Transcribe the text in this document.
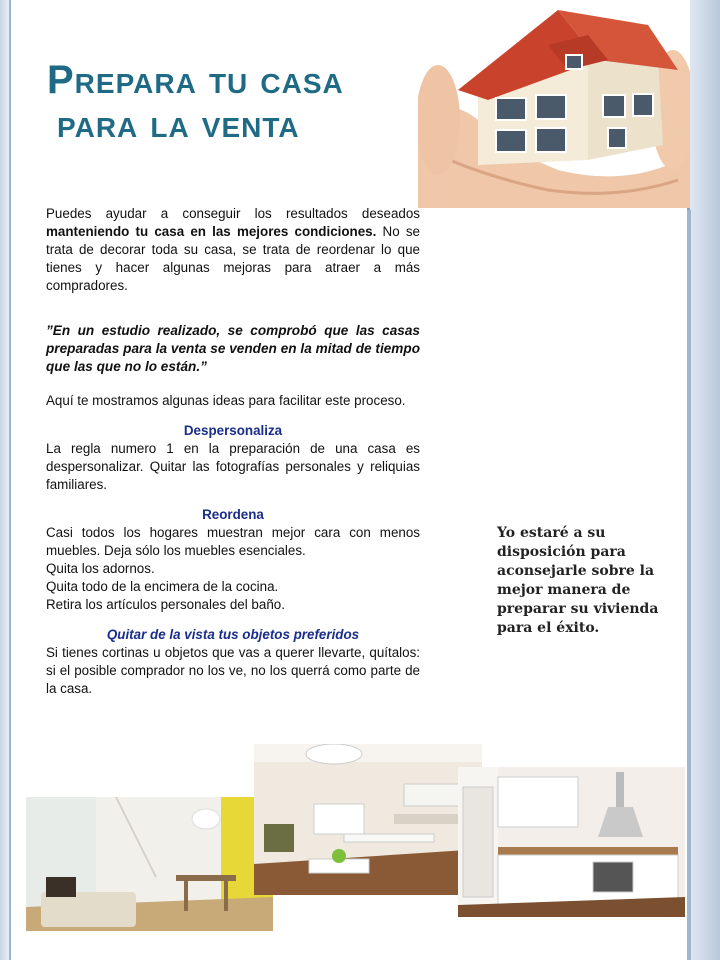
Prepara tu casa
para la venta

Puedes ayudar a conseguir los resultados deseados manteniendo tu casa en las mejores condiciones. No se trata de decorar toda su casa, se trata de reordenar lo que tienes y hacer algunas mejoras para atraer a más compradores.

”En un estudio realizado, se comprobó que las casas preparadas para la venta se venden en la mitad de tiempo que las que no lo están.”

Aquí te mostramos algunas ideas para facilitar este proceso.

Despersonaliza

La regla numero 1 en la preparación de una casa es despersonalizar. Quitar las fotografías personales y reliquias familiares.

Reordena

Casi todos los hogares muestran mejor cara con menos muebles. Deja sólo los muebles esenciales.

Quita los adornos.

Quita todo de la encimera de la cocina.

Retira los artículos personales del baño.

Quitar de la vista tus objetos preferidos

Si tienes cortinas u objetos que vas a querer llevarte, quítalos: si el posible comprador no los ve, no los querrá como parte de la casa.

Yo estaré a su disposición para aconsejarle sobre la mejor manera de preparar su vivienda para el éxito.
